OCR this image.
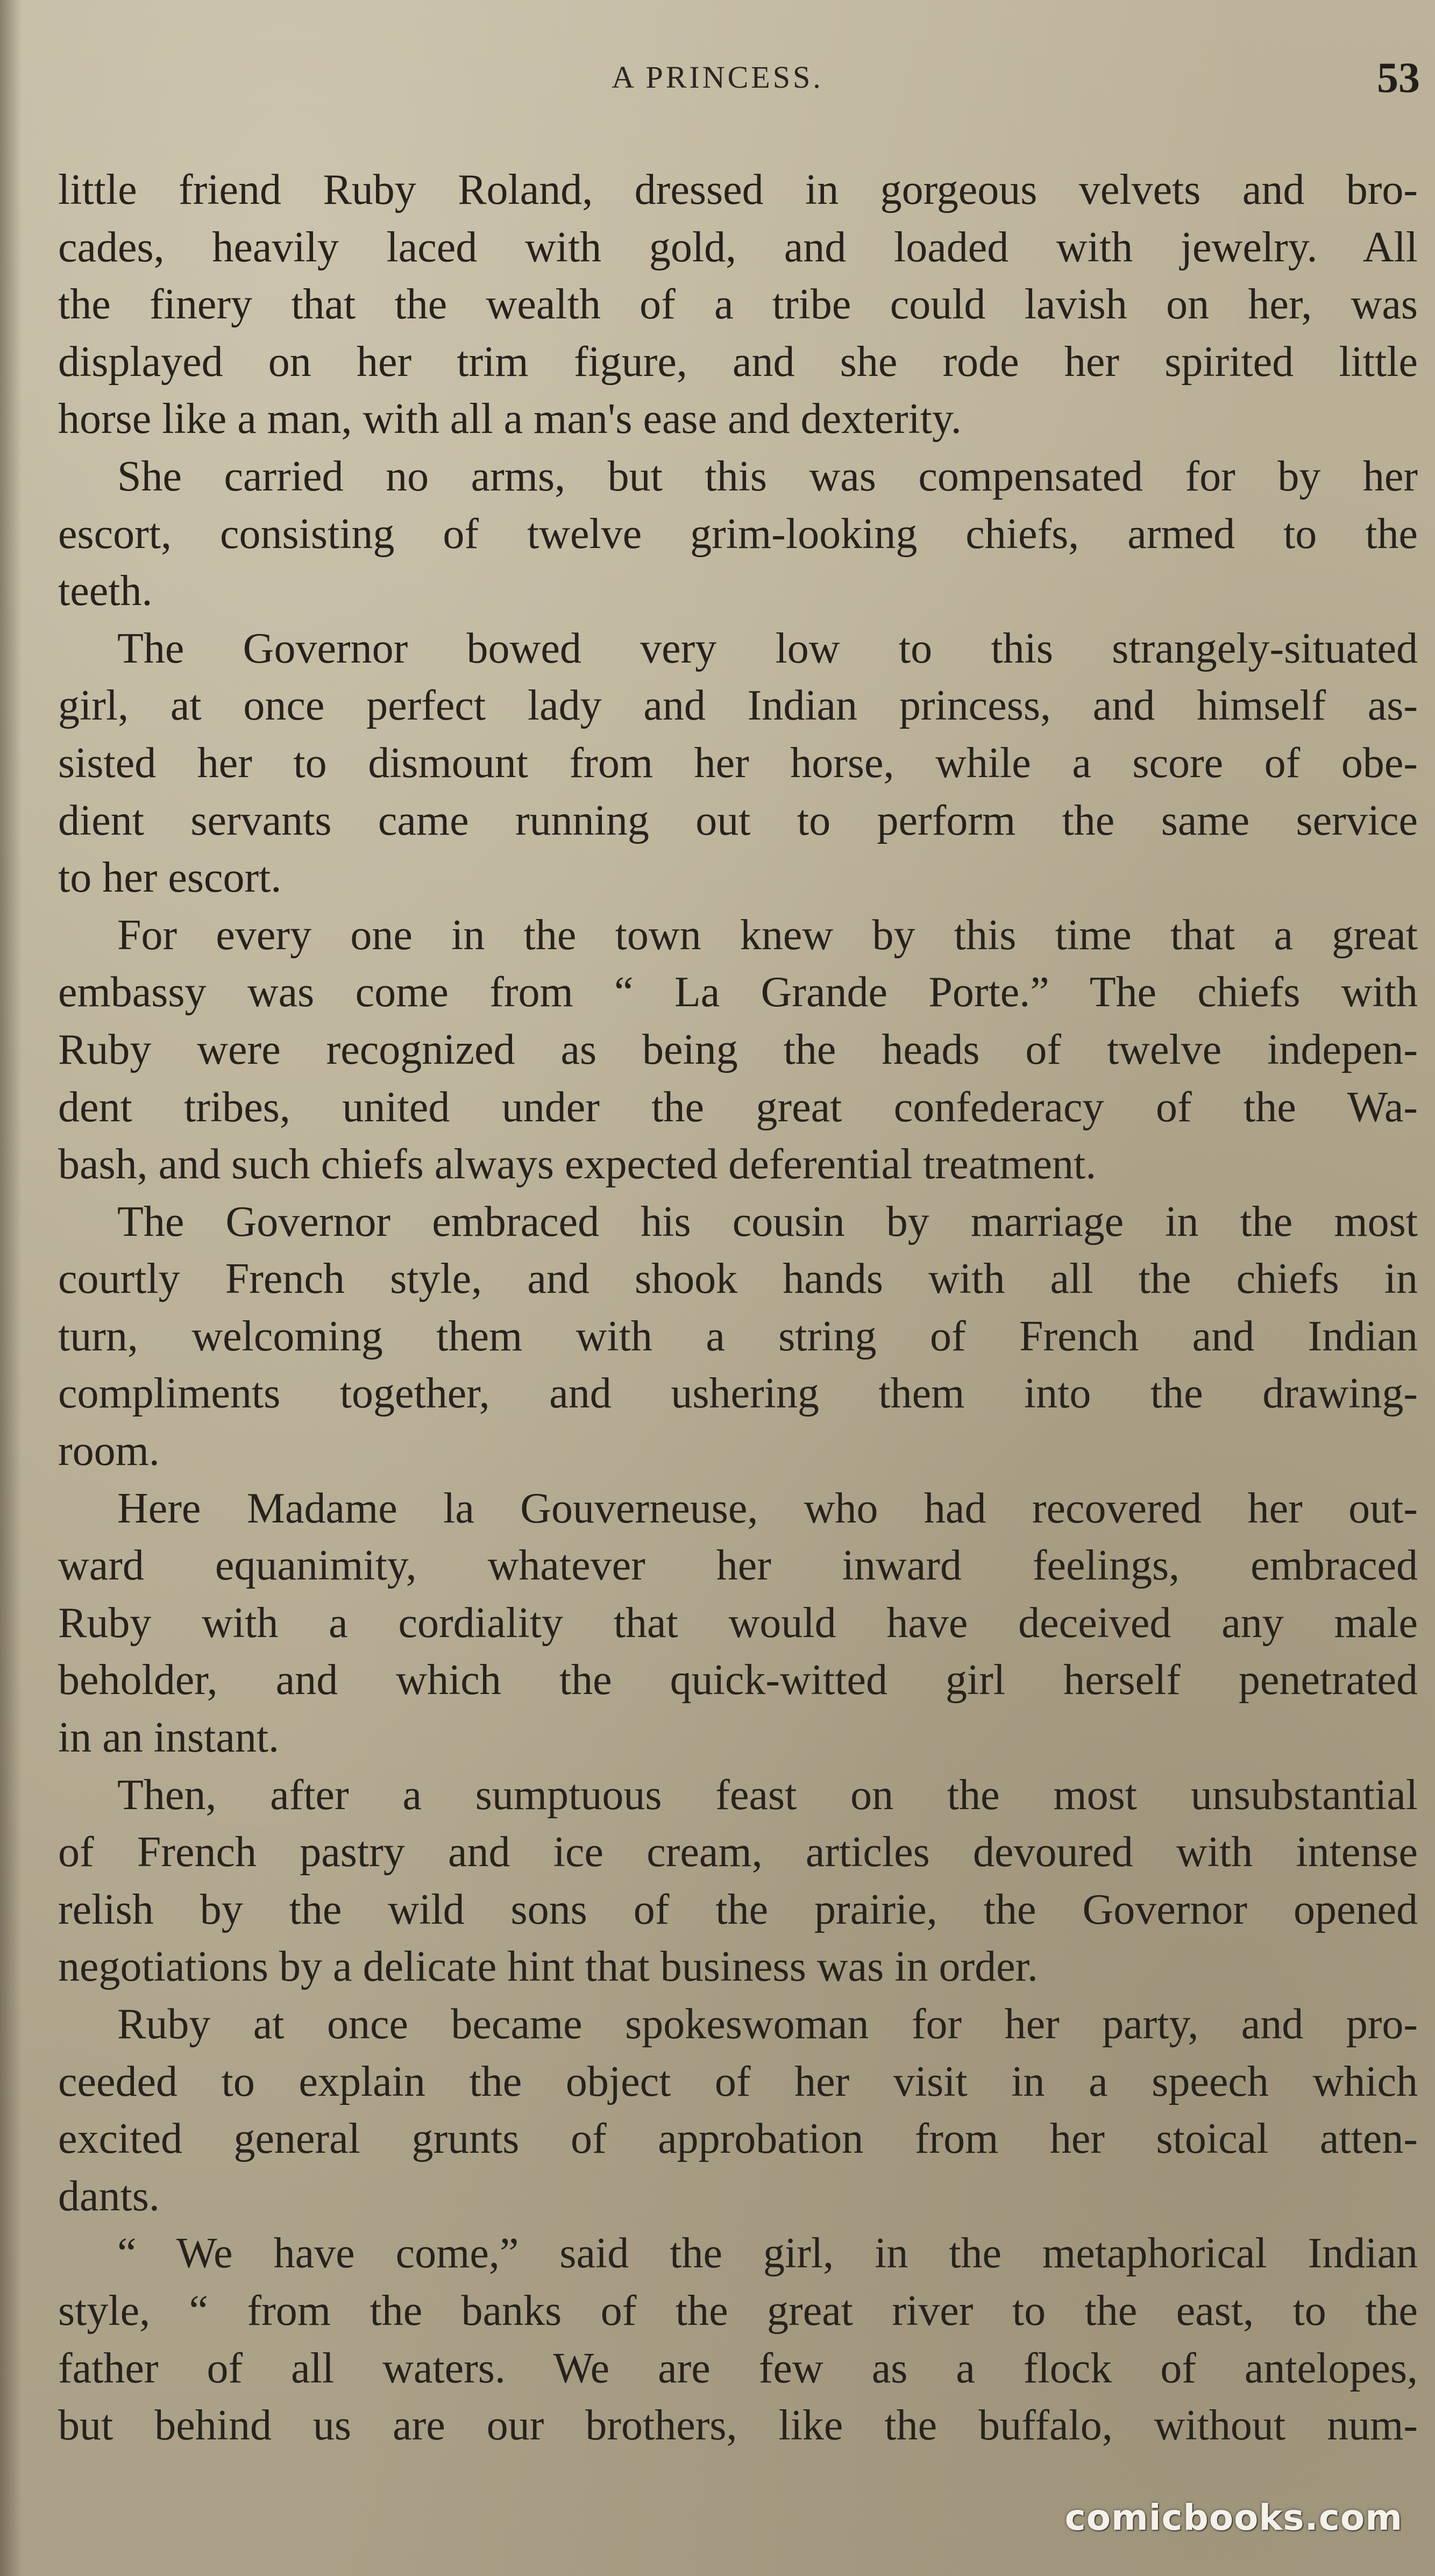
A PRINCESS.	53

little friend Ruby Roland, dressed in gorgeous velvets and bro-
cades, heavily laced with gold, and loaded with jewelry. All
the finery that the wealth of a tribe could lavish on her, was
displayed on her trim figure, and she rode her spirited little
horse like a man, with all a man's ease and dexterity.

She carried no arms, but this was compensated for by her
escort, consisting of twelve grim-looking chiefs, armed to the
teeth.

The Governor bowed very low to this strangely-situated
girl, at once perfect lady and Indian princess, and himself as-
sisted her to dismount from her horse, while a score of obe-
dient servants came running out to perform the same service
to her escort.

For every one in the town knew by this time that a great
embassy was come from “ La Grande Porte.” The chiefs with
Ruby were recognized as being the heads of twelve indepen-
dent tribes, united under the great confederacy of the Wa-
bash, and such chiefs always expected deferential treatment.

The Governor embraced his cousin by marriage in the most
courtly French style, and shook hands with all the chiefs in
turn, welcoming them with a string of French and Indian
compliments together, and ushering them into the drawing-
room.

Here Madame la Gouverneuse, who had recovered her out-
ward equanimity, whatever her inward feelings, embraced
Ruby with a cordiality that would have deceived any male
beholder, and which the quick-witted girl herself penetrated
in an instant.

Then, after a sumptuous feast on the most unsubstantial
of French pastry and ice cream, articles devoured with intense
relish by the wild sons of the prairie, the Governor opened
negotiations by a delicate hint that business was in order.

Ruby at once became spokeswoman for her party, and pro-
ceeded to explain the object of her visit in a speech which
excited general grunts of approbation from her stoical atten-
dants.

“ We have come,” said the girl, in the metaphorical Indian
style, “ from the banks of the great river to the east, to the
father of all waters. We are few as a flock of antelopes,
but behind us are our brothers, like the buffalo, without num-

comicbooks.com
